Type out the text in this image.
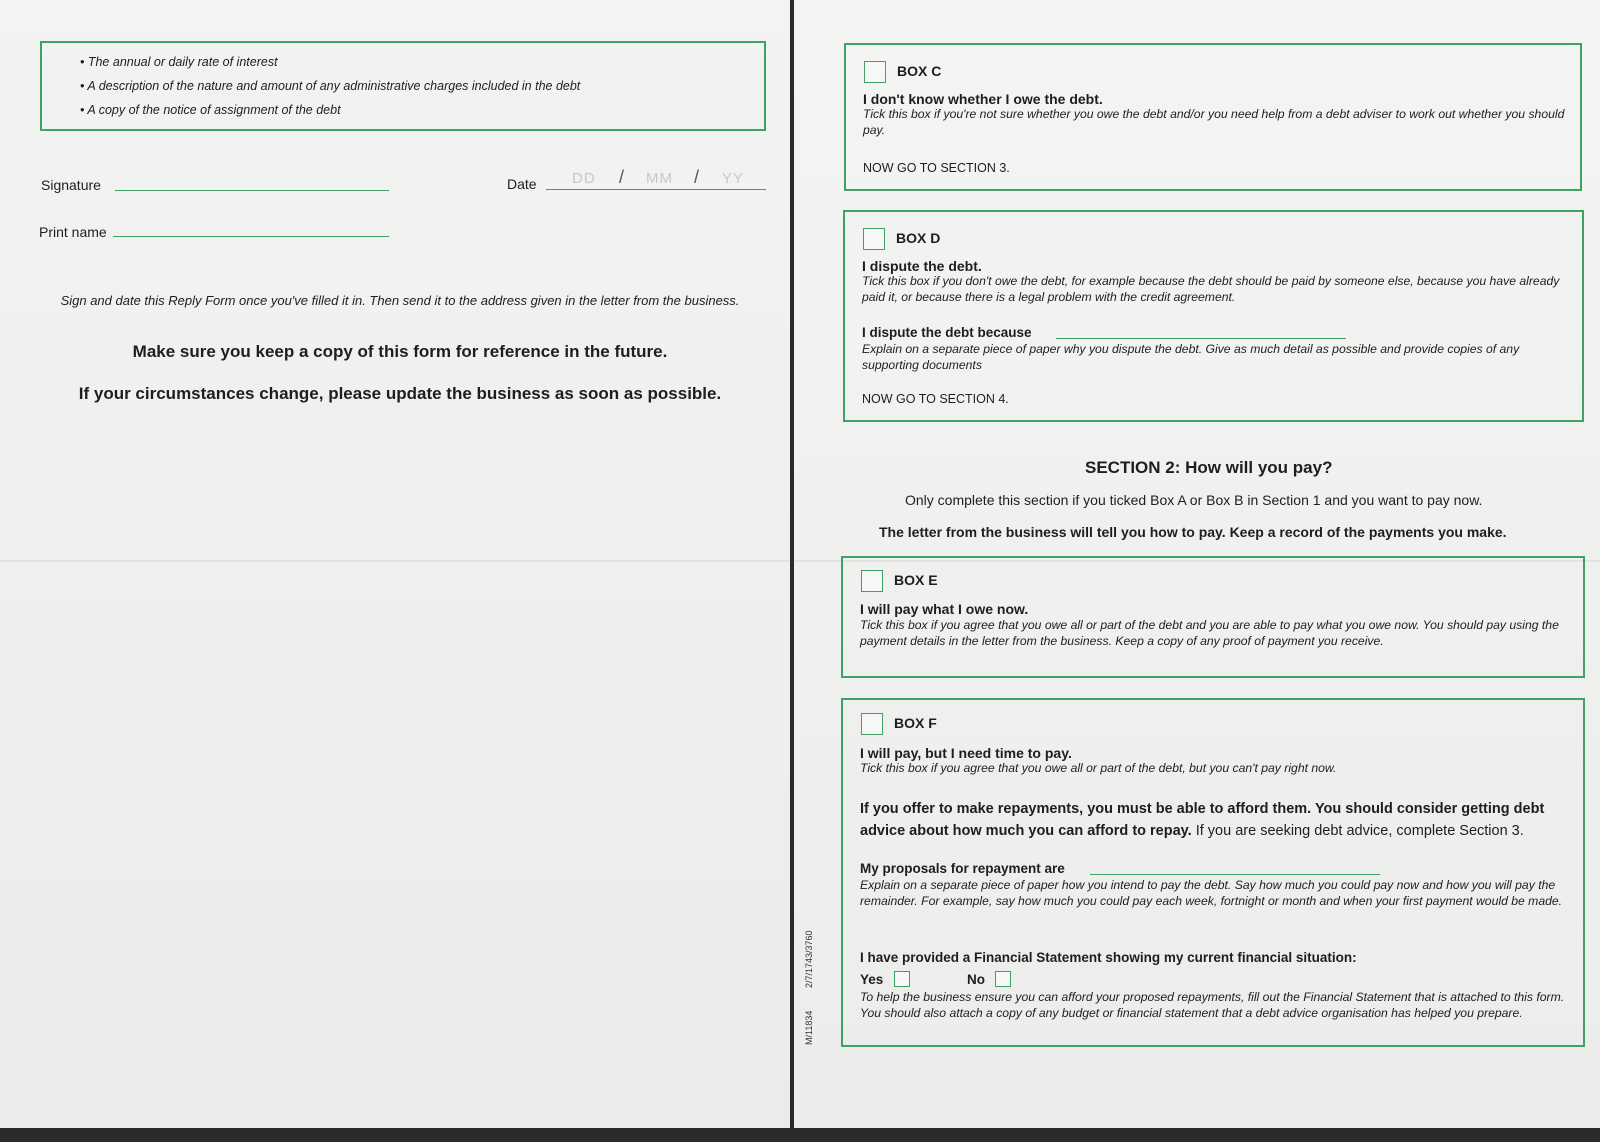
• The annual or daily rate of interest
• A description of the nature and amount of any administrative charges included in the debt
• A copy of the notice of assignment of the debt
Signature	Date DD / MM / YY
Print name
Sign and date this Reply Form once you've filled it in. Then send it to the address given in the letter from the business.
Make sure you keep a copy of this form for reference in the future.
If your circumstances change, please update the business as soon as possible.
BOX C
I don't know whether I owe the debt.
Tick this box if you're not sure whether you owe the debt and/or you need help from a debt adviser to work out whether you should pay.
NOW GO TO SECTION 3.
BOX D
I dispute the debt.
Tick this box if you don't owe the debt, for example because the debt should be paid by someone else, because you have already paid it, or because there is a legal problem with the credit agreement.
I dispute the debt because
Explain on a separate piece of paper why you dispute the debt. Give as much detail as possible and provide copies of any supporting documents
NOW GO TO SECTION 4.
SECTION 2: How will you pay?
Only complete this section if you ticked Box A or Box B in Section 1 and you want to pay now.
The letter from the business will tell you how to pay. Keep a record of the payments you make.
BOX E
I will pay what I owe now.
Tick this box if you agree that you owe all or part of the debt and you are able to pay what you owe now. You should pay using the payment details in the letter from the business. Keep a copy of any proof of payment you receive.
BOX F
I will pay, but I need time to pay.
Tick this box if you agree that you owe all or part of the debt, but you can't pay right now.
If you offer to make repayments, you must be able to afford them. You should consider getting debt advice about how much you can afford to repay. If you are seeking debt advice, complete Section 3.
My proposals for repayment are
Explain on a separate piece of paper how you intend to pay the debt. Say how much you could pay now and how you will pay the remainder. For example, say how much you could pay each week, fortnight or month and when your first payment would be made.
I have provided a Financial Statement showing my current financial situation:
Yes	No
To help the business ensure you can afford your proposed repayments, fill out the Financial Statement that is attached to this form. You should also attach a copy of any budget or financial statement that a debt advice organisation has helped you prepare.
M/11834
2/7/1743/3760
